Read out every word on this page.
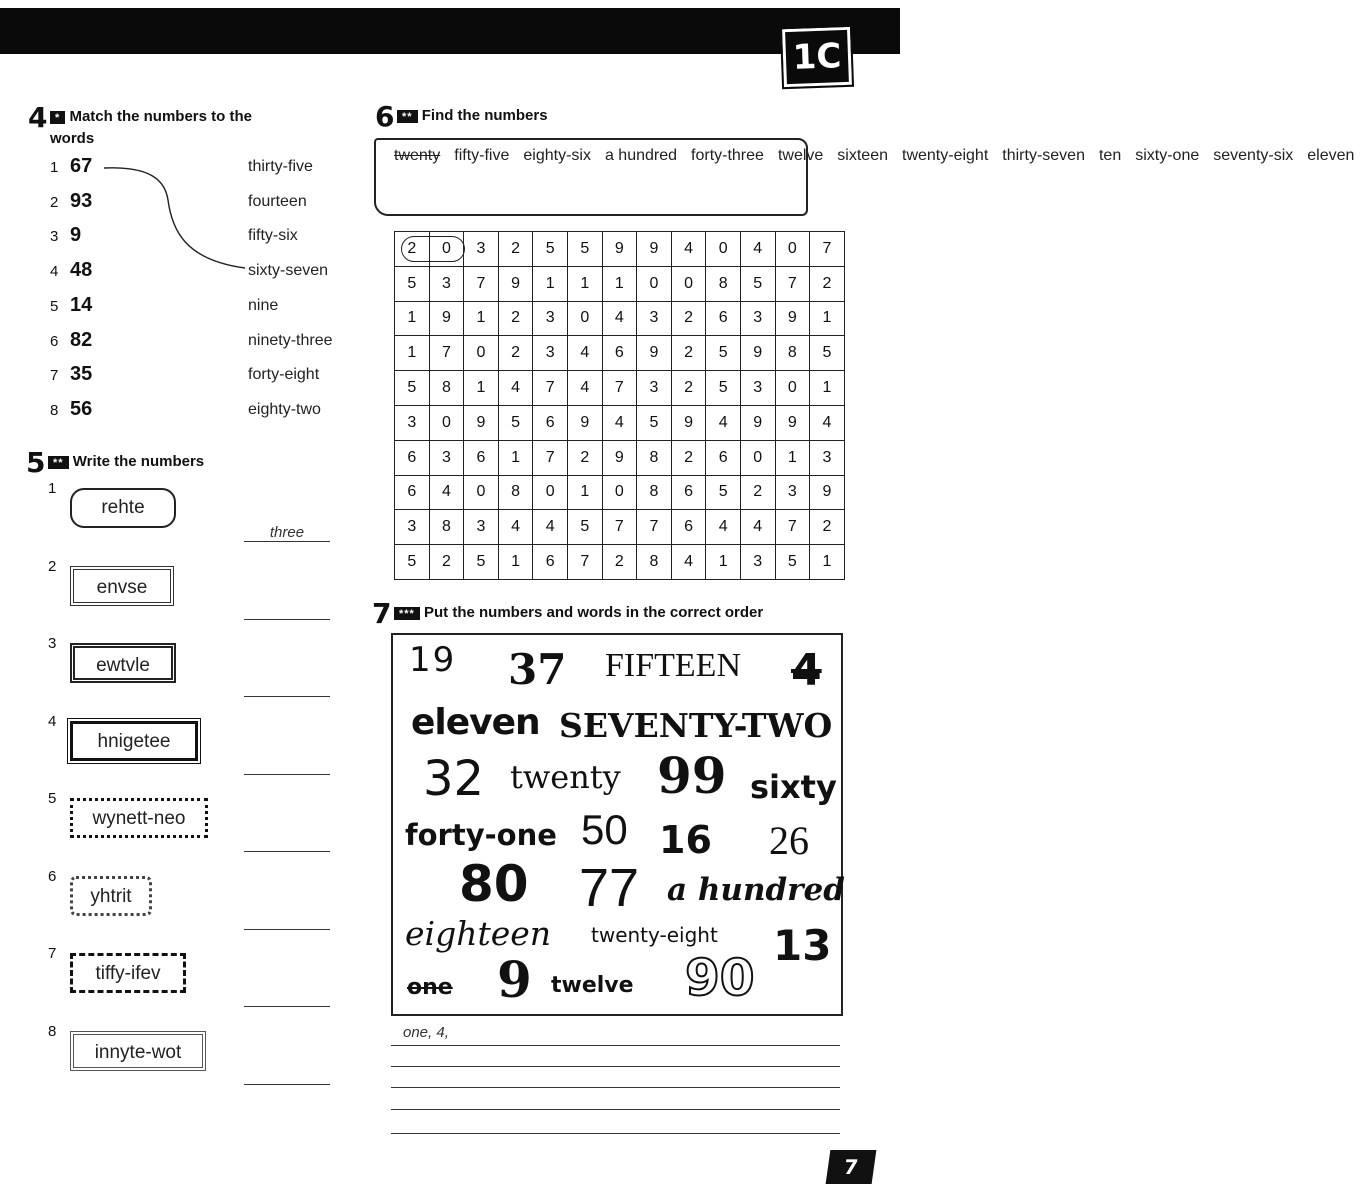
1C
4 * Match the numbers to the
words
1 67	thirty-five
2 93	fourteen
3 9	fifty-six
4 48	sixty-seven
5 14	nine
6 82	ninety-three
7 35	forty-eight
8 56	eighty-two
5 ** Write the numbers
1
rehte
three
2
envse
3
ewtvle
4
hnigetee
5
wynett-neo
6
yhtrit
7
tiffy-ifev
8
innyte-wot
6 ** Find the numbers
twenty fifty-five eighty-six a hundred forty-three twelve sixteen twenty-eight thirty-seven ten sixty-one seventy-six eleven
2	0	3	2	5	5	9	9	4	0	4	0	7
5	3	7	9	1	1	1	0	0	8	5	7	2
1	9	1	2	3	0	4	3	2	6	3	9	1
1	7	0	2	3	4	6	9	2	5	9	8	5
5	8	1	4	7	4	7	3	2	5	3	0	1
3	0	9	5	6	9	4	5	9	4	9	9	4
6	3	6	1	7	2	9	8	2	6	0	1	3
6	4	0	8	0	1	0	8	6	5	2	3	9
3	8	3	4	4	5	7	7	6	4	4	7	2
5	2	5	1	6	7	2	8	4	1	3	5	1
7 *** Put the numbers and words in the correct order
19 37 FIFTEEN 4
eleven SEVENTY-TWO
32 twenty 99 sixty
forty-one 50 16 26
80 77 a hundred
eighteen twenty-eight 13
one 9 twelve 90
one, 4,
7
